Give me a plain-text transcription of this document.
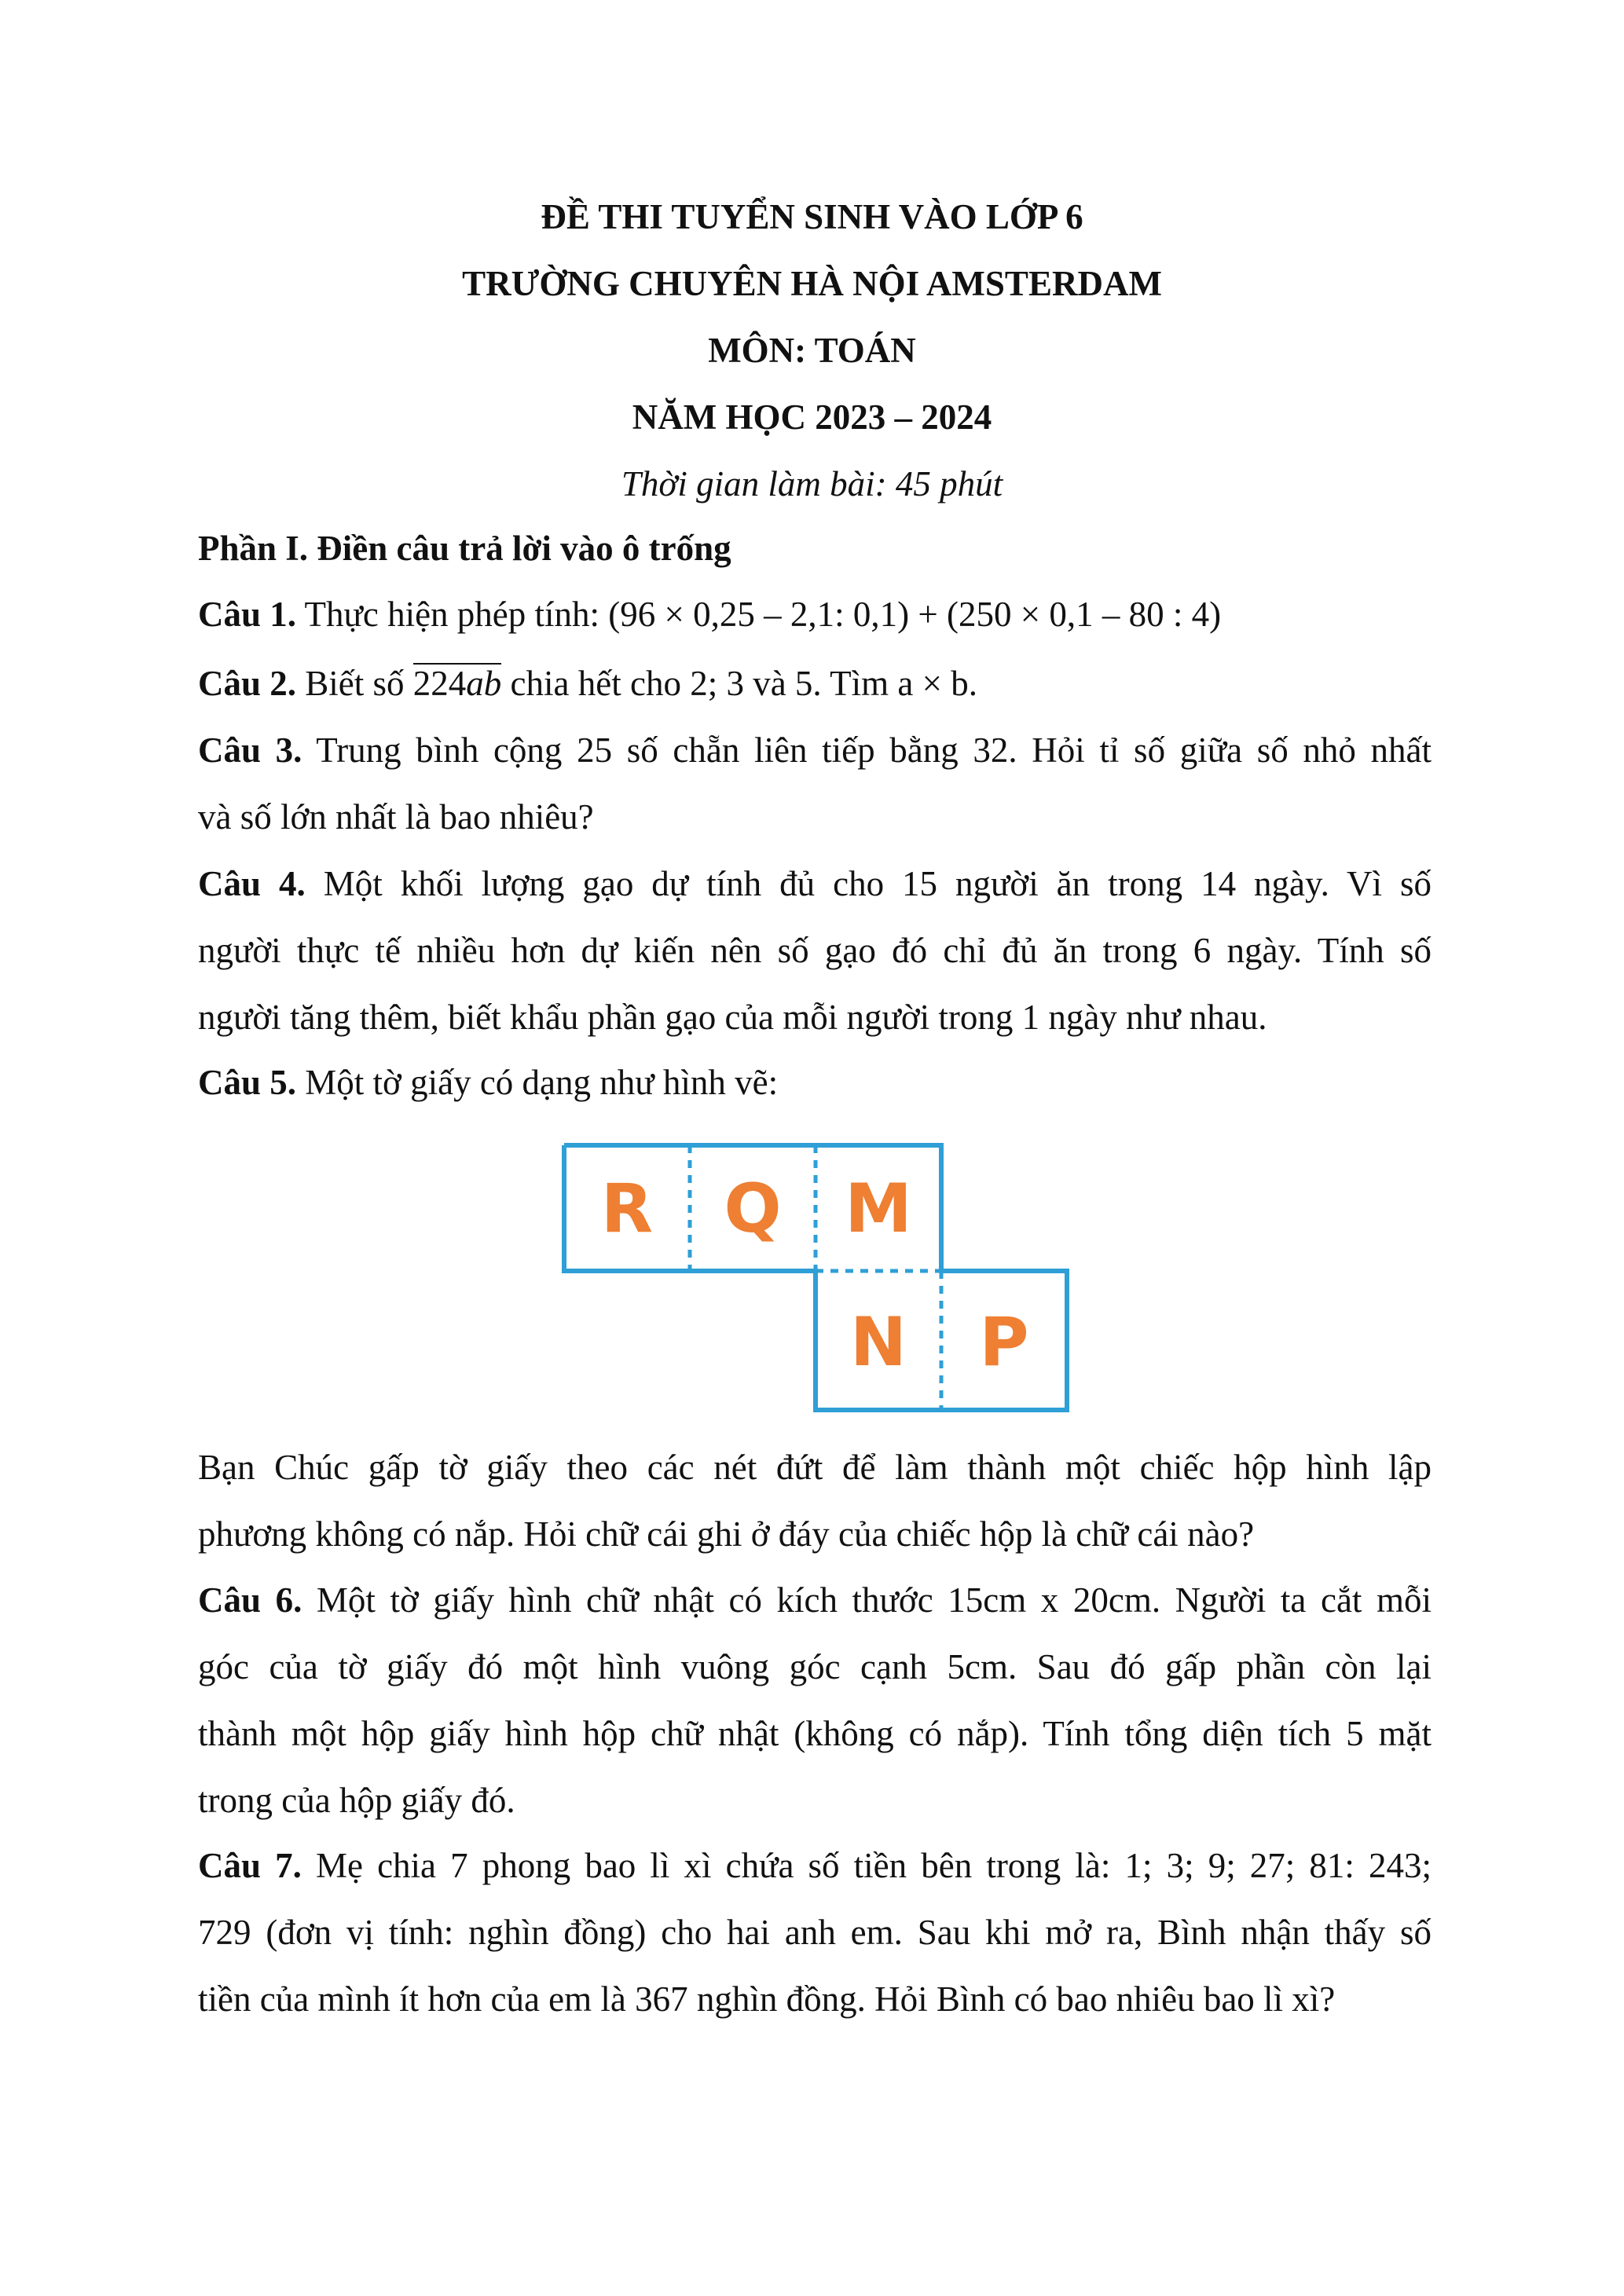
ĐỀ THI TUYỂN SINH VÀO LỚP 6
TRƯỜNG CHUYÊN HÀ NỘI AMSTERDAM
MÔN: TOÁN
NĂM HỌC 2023 – 2024
Thời gian làm bài: 45 phút
Phần I. Điền câu trả lời vào ô trống
Câu 1. Thực hiện phép tính: (96 × 0,25 – 2,1: 0,1) + (250 × 0,1 – 80 : 4)
Câu 2. Biết số 224ab chia hết cho 2; 3 và 5. Tìm a × b.
Câu 3. Trung bình cộng 25 số chẵn liên tiếp bằng 32. Hỏi tỉ số giữa số nhỏ nhất
và số lớn nhất là bao nhiêu?
Câu 4. Một khối lượng gạo dự tính đủ cho 15 người ăn trong 14 ngày. Vì số
người thực tế nhiều hơn dự kiến nên số gạo đó chỉ đủ ăn trong 6 ngày. Tính số
người tăng thêm, biết khẩu phần gạo của mỗi người trong 1 ngày như nhau.
Câu 5. Một tờ giấy có dạng như hình vẽ:
R Q M
N P
Bạn Chúc gấp tờ giấy theo các nét đứt để làm thành một chiếc hộp hình lập
phương không có nắp. Hỏi chữ cái ghi ở đáy của chiếc hộp là chữ cái nào?
Câu 6. Một tờ giấy hình chữ nhật có kích thước 15cm x 20cm. Người ta cắt mỗi
góc của tờ giấy đó một hình vuông góc cạnh 5cm. Sau đó gấp phần còn lại
thành một hộp giấy hình hộp chữ nhật (không có nắp). Tính tổng diện tích 5 mặt
trong của hộp giấy đó.
Câu 7. Mẹ chia 7 phong bao lì xì chứa số tiền bên trong là: 1; 3; 9; 27; 81: 243;
729 (đơn vị tính: nghìn đồng) cho hai anh em. Sau khi mở ra, Bình nhận thấy số
tiền của mình ít hơn của em là 367 nghìn đồng. Hỏi Bình có bao nhiêu bao lì xì?
